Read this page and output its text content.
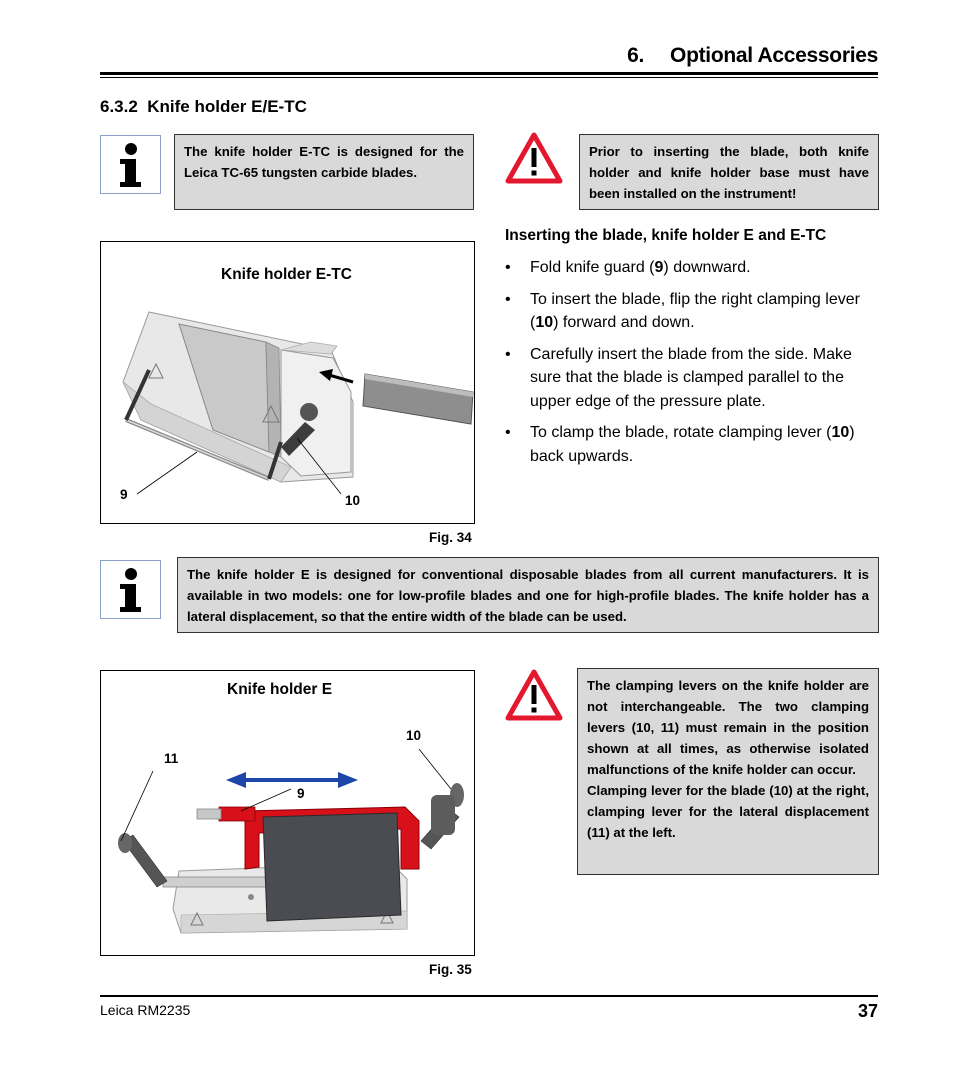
6. Optional Accessories
6.3.2  Knife holder E/E-TC
The knife holder E-TC is designed for the Leica TC-65 tungsten carbide blades.
Prior to inserting the blade, both knife holder and knife holder base must have been installed on the instrument!
Knife holder E-TC
9	10
Fig. 34
Inserting the blade, knife holder E and E-TC
• Fold knife guard (9) downward.
• To insert the blade, flip the right clamping lever (10) forward and down.
• Carefully insert the blade from the side. Make sure that the blade is clamped parallel to the upper edge of the pressure plate.
• To clamp the blade, rotate clamping lever (10) back upwards.
The knife holder E is designed for conventional disposable blades from all current manufacturers. It is available in two models: one for low-profile blades and one for high-profile blades. The knife holder has a lateral displacement, so that the entire width of the blade can be used.
Knife holder E
10
11
9
Fig. 35
The clamping levers on the knife holder are not interchangeable. The two clamping levers (10, 11) must remain in the position shown at all times, as otherwise isolated malfunctions of the knife holder can occur.
Clamping lever for the blade (10) at the right, clamping lever for the lateral displacement (11) at the left.
Leica RM2235	37
